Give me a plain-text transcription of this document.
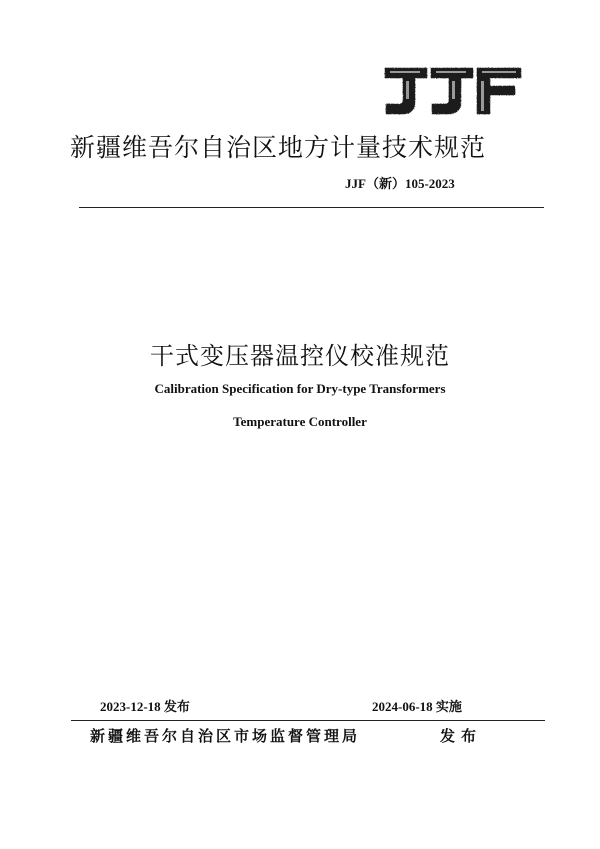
新疆维吾尔自治区地方计量技术规范
JJF（新）105-2023
干式变压器温控仪校准规范
Calibration Specification for Dry-type Transformers
Temperature Controller
2023-12-18 发布	2024-06-18 实施
新疆维吾尔自治区市场监督管理局	发布
